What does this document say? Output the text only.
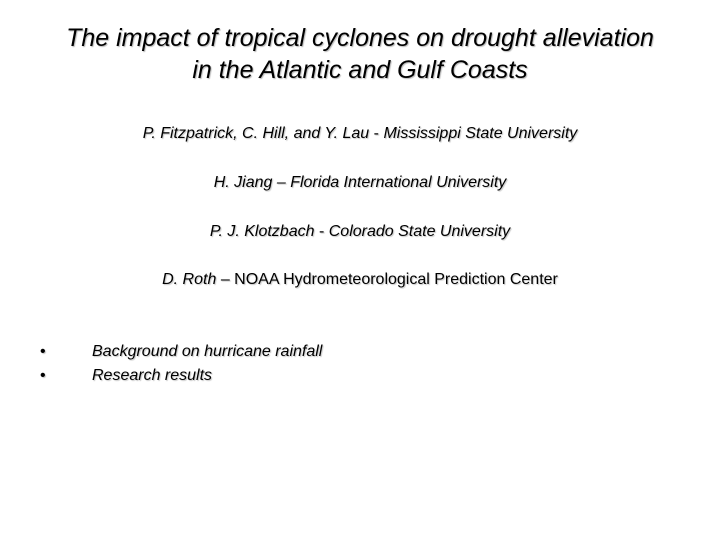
The impact of tropical cyclones on drought alleviation
in the Atlantic and Gulf Coasts
P. Fitzpatrick, C. Hill, and Y. Lau - Mississippi State University
H. Jiang – Florida International University
P. J. Klotzbach - Colorado State University
D. Roth – NOAA Hydrometeorological Prediction Center
•	Background on hurricane rainfall
•	Research results
